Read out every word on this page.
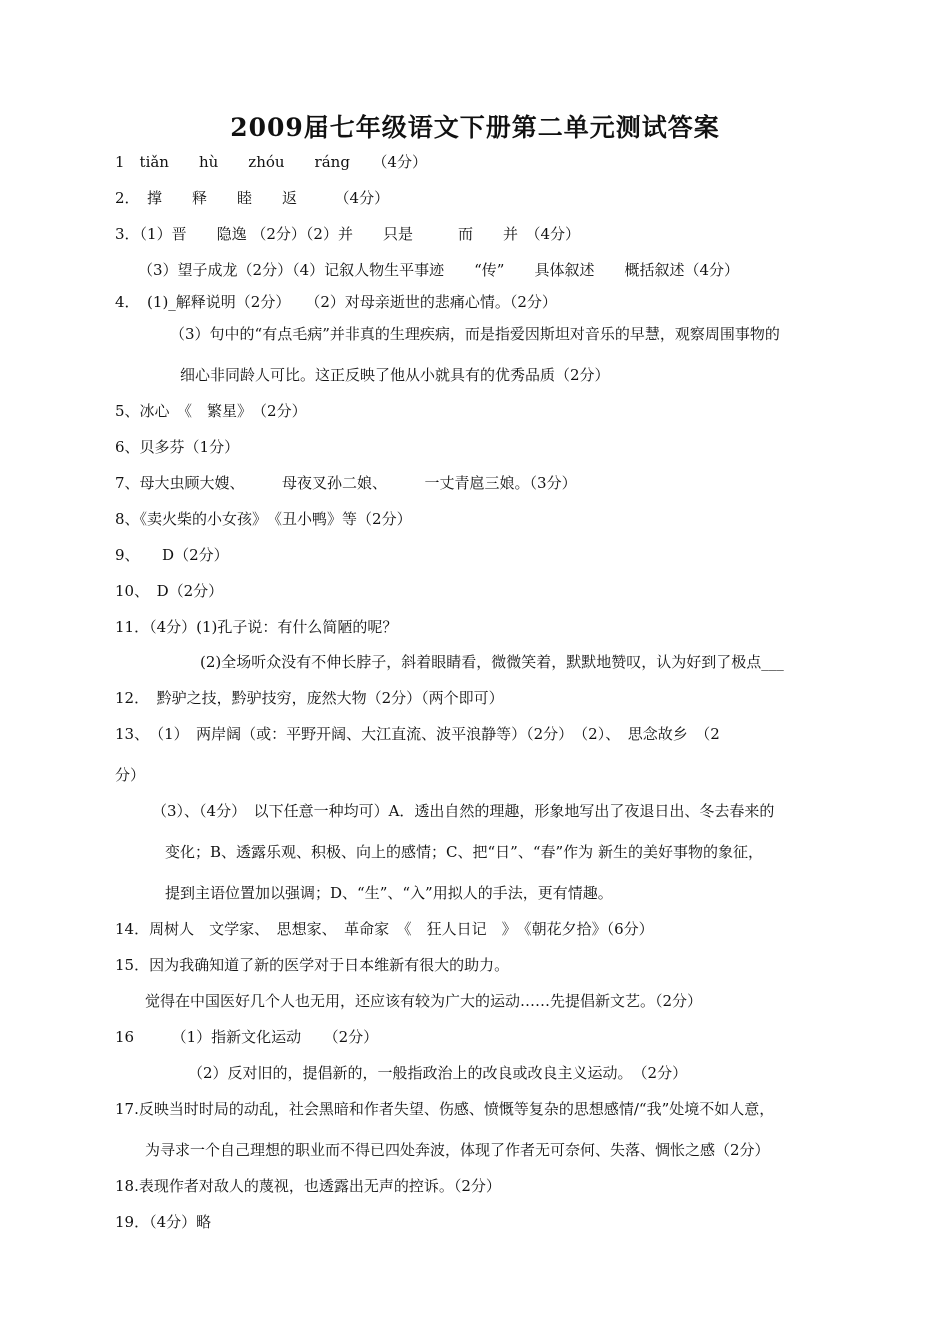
2009届七年级语文下册第二单元测试答案
1　tiǎn　　hù　　zhóu　　ráng　　（4分）
2．　撑　　释　　睦　　返　　　（4分）
3．（1）晋　　隐逸 （2分）（2）并　　只是　　　而　　并　（4分）
（3）望子成龙（2分）（4）记叙人物生平事迹　　“传”　　具体叙述　　概括叙述（4分）
4．　(1)_解释说明（2分）　　（2）对母亲逝世的悲痛心情。（2分）
（3）句中的“有点毛病”并非真的生理疾病，而是指爱因斯坦对音乐的早慧，观察周围事物的
细心非同龄人可比。这正反映了他从小就具有的优秀品质（2分）
5、冰心　《　繁星》　（2分）
6、贝多芬（1分）
7、母大虫顾大嫂、　　　母夜叉孙二娘、　　　一丈青扈三娘。（3分）
8、《卖火柴的小女孩》　《丑小鸭》等（2分）
9、　　D（2分）
10、　D（2分）
11．（4分）(1)孔子说：有什么简陋的呢？
(2)全场听众没有不伸长脖子，斜着眼睛看，微微笑着，默默地赞叹，认为好到了极点___
12．　黔驴之技，黔驴技穷，庞然大物（2分）（两个即可）
13、　（1）　两岸阔（或：平野开阔、大江直流、波平浪静等）（2分）　（2）、　思念故乡　（2
分）
（3）、（4分）　以下任意一种均可）A．透出自然的理趣，形象地写出了夜退日出、冬去春来的
变化；B、透露乐观、积极、向上的感情；C、把“日”、“春”作为 新生的美好事物的象征，
提到主语位置加以强调；D、“生”、“入”用拟人的手法，更有情趣。
14．周树人　文学家、　思想家、　革命家　《　狂人日记　》　《朝花夕拾》（6分）
15．因为我确知道了新的医学对于日本维新有很大的助力。
觉得在中国医好几个人也无用，还应该有较为广大的运动……先提倡新文艺。（2分）
16　　　（1）指新文化运动　　（2分）
（2）反对旧的，提倡新的，一般指政治上的改良或改良主义运动。　（2分）
17.反映当时时局的动乱，社会黑暗和作者失望、伤感、愤慨等复杂的思想感情/“我”处境不如人意，
为寻求一个自己理想的职业而不得已四处奔波，体现了作者无可奈何、失落、惆怅之感（2分）
18.表现作者对敌人的蔑视，也透露出无声的控诉。（2分）
19．（4分）略
